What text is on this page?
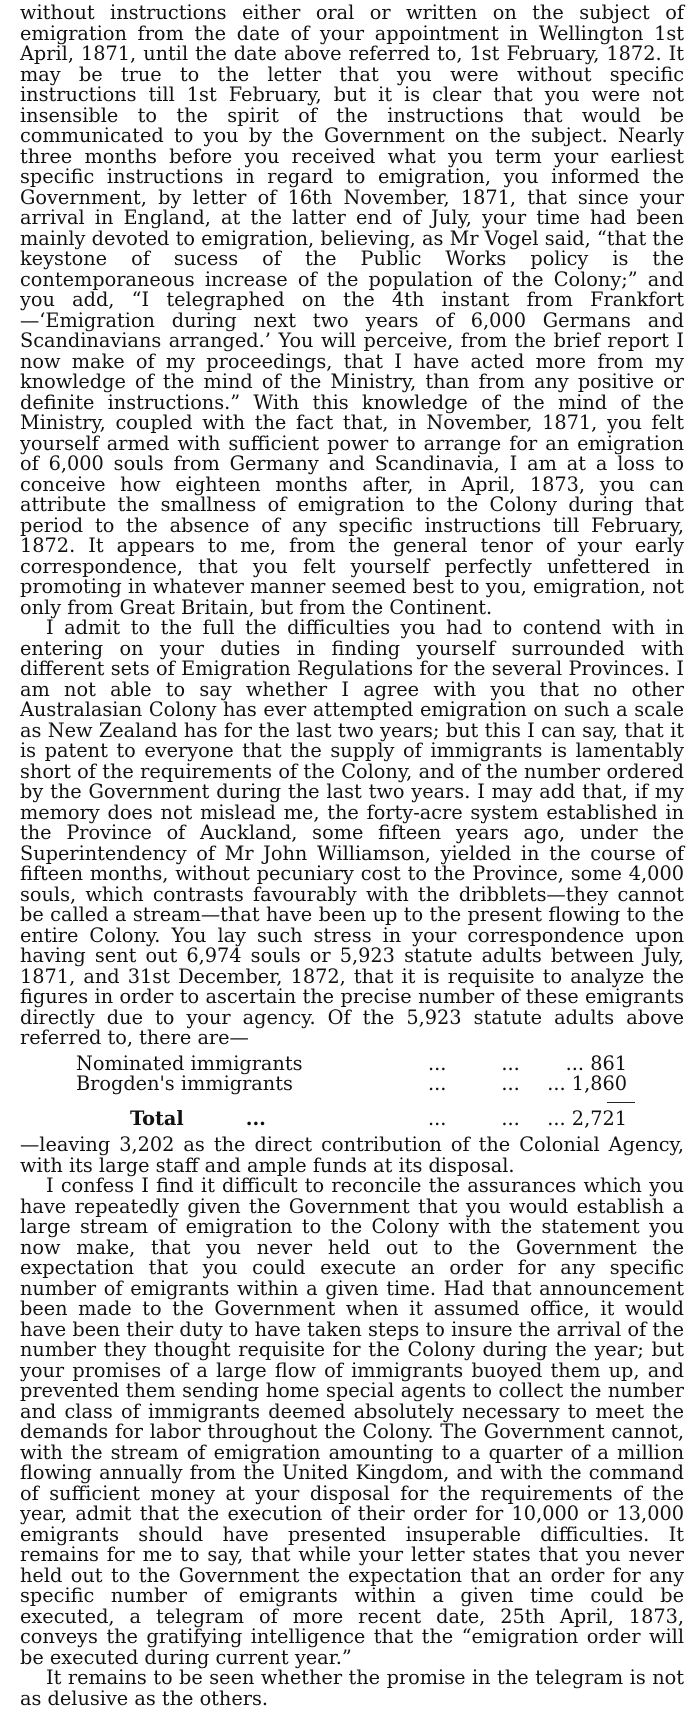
without instructions either oral or written on the subject of emigration from the date of your appointment in Wellington 1st April, 1871, until the date above referred to, 1st February, 1872. It may be true to the letter that you were without specific instructions till 1st February, but it is clear that you were not insensible to the spirit of the instructions that would be communicated to you by the Government on the subject. Nearly three months before you received what you term your earliest specific instructions in regard to emigration, you informed the Government, by letter of 16th November, 1871, that since your arrival in England, at the latter end of July, your time had been mainly devoted to emigration, believing, as Mr Vogel said, “that the keystone of sucess of the Public Works policy is the contemporaneous increase of the population of the Colony;” and you add, “I telegraphed on the 4th instant from Frankfort—‘Emigration during next two years of 6,000 Germans and Scandinavians arranged.’ You will perceive, from the brief report I now make of my proceedings, that I have acted more from my knowledge of the mind of the Ministry, than from any positive or definite instructions.” With this knowledge of the mind of the Ministry, coupled with the fact that, in November, 1871, you felt yourself armed with sufficient power to arrange for an emigration of 6,000 souls from Germany and Scandinavia, I am at a loss to conceive how eighteen months after, in April, 1873, you can attribute the smallness of emigration to the Colony during that period to the absence of any specific instructions till February, 1872. It appears to me, from the general tenor of your early correspondence, that you felt yourself perfectly unfettered in promoting in whatever manner seemed best to you, emigration, not only from Great Britain, but from the Continent.

I admit to the full the difficulties you had to contend with in entering on your duties in finding yourself surrounded with different sets of Emigration Regulations for the several Provinces. I am not able to say whether I agree with you that no other Australasian Colony has ever attempted emigration on such a scale as New Zealand has for the last two years; but this I can say, that it is patent to everyone that the supply of immigrants is lamentably short of the requirements of the Colony, and of the number ordered by the Government during the last two years. I may add that, if my memory does not mislead me, the forty-acre system established in the Province of Auckland, some fifteen years ago, under the Superintendency of Mr John Williamson, yielded in the course of fifteen months, without pecuniary cost to the Province, some 4,000 souls, which contrasts favourably with the dribblets—they cannot be called a stream—that have been up to the present flowing to the entire Colony. You lay such stress in your correspondence upon having sent out 6,974 souls or 5,923 statute adults between July, 1871, and 31st December, 1872, that it is requisite to analyze the figures in order to ascertain the precise number of these emigrants directly due to your agency. Of the 5,923 statute adults above referred to, there are—

Nominated immigrants	...	...	... 861
Brogden's immigrants	...	...	... 1,860

Total ...	...	...	... 2,721

—leaving 3,202 as the direct contribution of the Colonial Agency, with its large staff and ample funds at its disposal.

I confess I find it difficult to reconcile the assurances which you have repeatedly given the Government that you would establish a large stream of emigration to the Colony with the statement you now make, that you never held out to the Government the expectation that you could execute an order for any specific number of emigrants within a given time. Had that announcement been made to the Government when it assumed office, it would have been their duty to have taken steps to insure the arrival of the number they thought requisite for the Colony during the year; but your promises of a large flow of immigrants buoyed them up, and prevented them sending home special agents to collect the number and class of immigrants deemed absolutely necessary to meet the demands for labor throughout the Colony. The Government cannot, with the stream of emigration amounting to a quarter of a million flowing annually from the United Kingdom, and with the command of sufficient money at your disposal for the requirements of the year, admit that the execution of their order for 10,000 or 13,000 emigrants should have presented insuperable difficulties. It remains for me to say, that while your letter states that you never held out to the Government the expectation that an order for any specific number of emigrants within a given time could be executed, a telegram of more recent date, 25th April, 1873, conveys the gratifying intelligence that the “emigration order will be executed during current year.”

It remains to be seen whether the promise in the telegram is not as delusive as the others.
